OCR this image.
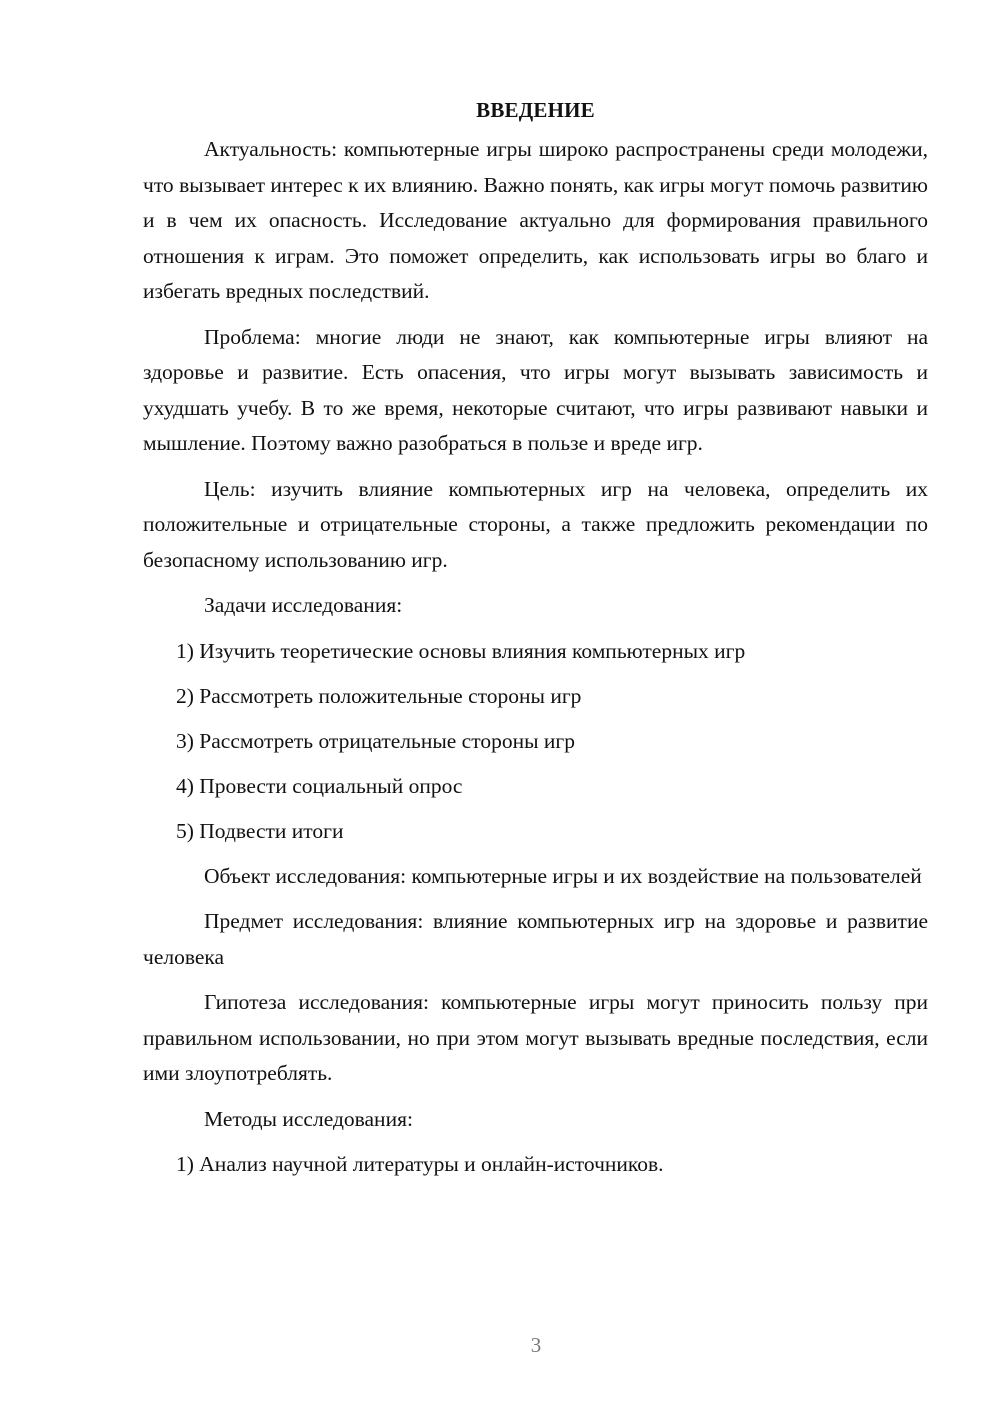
ВВЕДЕНИЕ

Актуальность: компьютерные игры широко распространены среди молодежи, что вызывает интерес к их влиянию. Важно понять, как игры могут помочь развитию и в чем их опасность. Исследование актуально для формирования правильного отношения к играм. Это поможет определить, как использовать игры во благо и избегать вредных последствий.

Проблема: многие люди не знают, как компьютерные игры влияют на здоровье и развитие. Есть опасения, что игры могут вызывать зависимость и ухудшать учебу. В то же время, некоторые считают, что игры развивают навыки и мышление. Поэтому важно разобраться в пользе и вреде игр.

Цель: изучить влияние компьютерных игр на человека, определить их положительные и отрицательные стороны, а также предложить рекомендации по безопасному использованию игр.

Задачи исследования:

1) Изучить теоретические основы влияния компьютерных игр
2) Рассмотреть положительные стороны игр
3) Рассмотреть отрицательные стороны игр
4) Провести социальный опрос
5) Подвести итоги

Объект исследования: компьютерные игры и их воздействие на пользователей

Предмет исследования: влияние компьютерных игр на здоровье и развитие человека

Гипотеза исследования: компьютерные игры могут приносить пользу при правильном использовании, но при этом могут вызывать вредные последствия, если ими злоупотреблять.

Методы исследования:

1) Анализ научной литературы и онлайн-источников.
3
